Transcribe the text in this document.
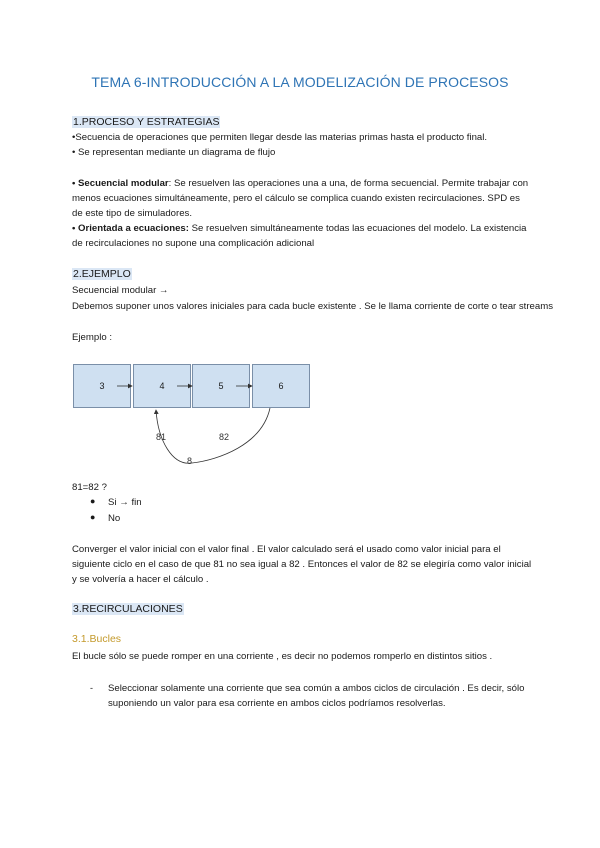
TEMA 6-INTRODUCCIÓN A LA MODELIZACIÓN DE PROCESOS
1.PROCESO Y ESTRATEGIAS
•Secuencia de operaciones que permiten llegar desde las materias primas hasta el producto final.
• Se representan mediante un diagrama de flujo
• Secuencial modular: Se resuelven las operaciones una a una, de forma secuencial. Permite trabajar con menos ecuaciones simultáneamente, pero el cálculo se complica cuando existen recirculaciones. SPD es de este tipo de simuladores.
• Orientada a ecuaciones: Se resuelven simultáneamente todas las ecuaciones del modelo. La existencia de recirculaciones no supone una complicación adicional
2.EJEMPLO
Secuencial modular →
Debemos suponer unos valores iniciales para cada bucle existente . Se le llama corriente de corte o tear streams
Ejemplo :
3	4	5	6
81	82
8
81=82 ?
● Si → fin
● No
Converger el valor inicial con el valor final . El valor calculado será el usado como valor inicial para el siguiente ciclo en el caso de que 81 no sea igual a 82 . Entonces el valor de 82 se elegiría como valor inicial y se volvería a hacer el cálculo .
3.RECIRCULACIONES
3.1.Bucles
El bucle sólo se puede romper en una corriente , es decir no podemos romperlo en distintos sitios .
- Seleccionar solamente una corriente que sea común a ambos ciclos de circulación . Es decir, sólo suponiendo un valor para esa corriente en ambos ciclos podríamos resolverlas.
